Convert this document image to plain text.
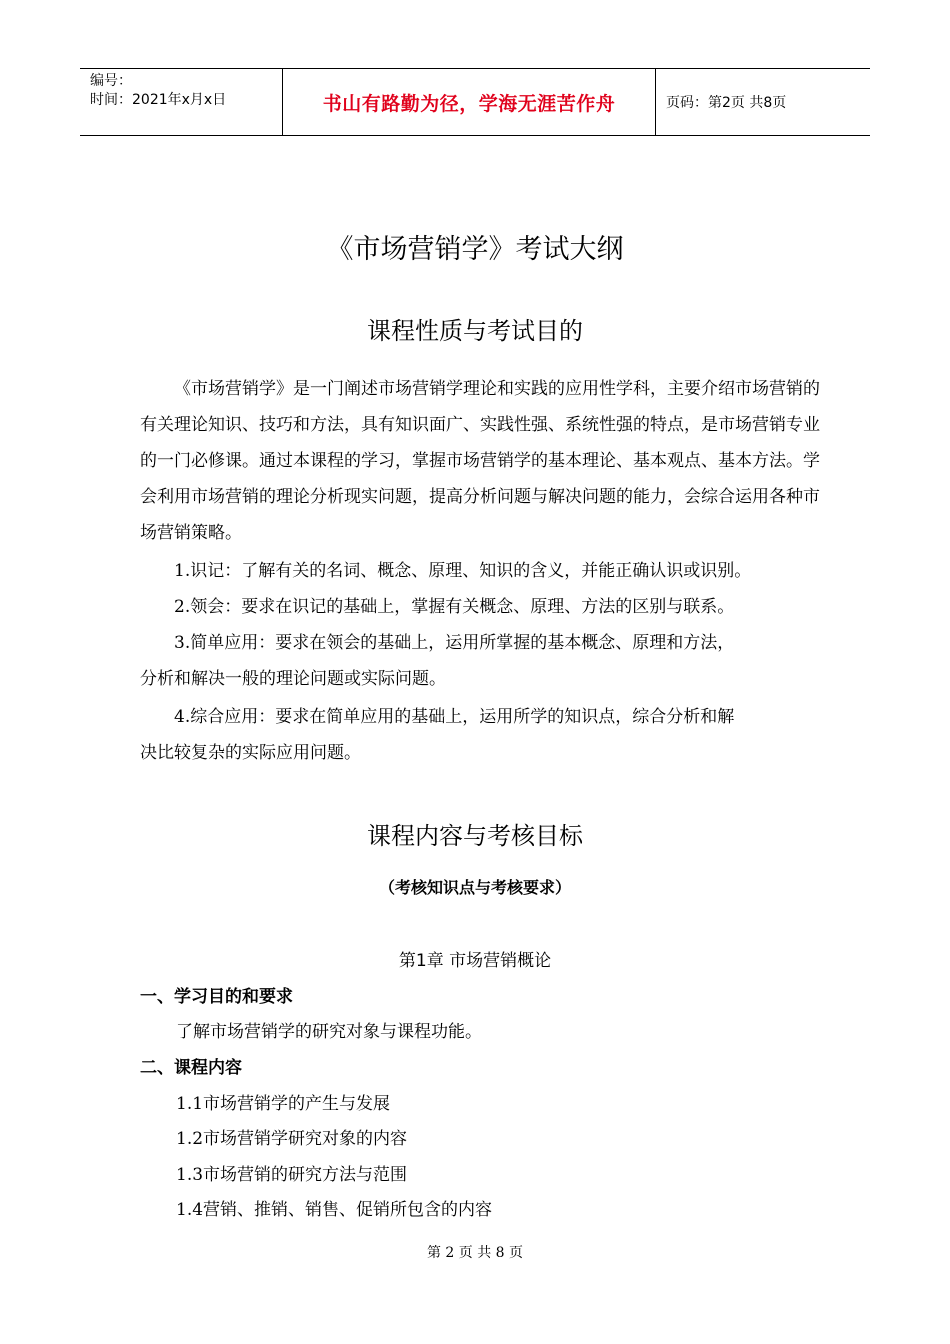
编号：
时间：2021年x月x日	书山有路勤为径，学海无涯苦作舟	页码：第2页 共8页
《市场营销学》考试大纲
课程性质与考试目的
《市场营销学》是一门阐述市场营销学理论和实践的应用性学科，主要介绍市场营销的有关理论知识、技巧和方法，具有知识面广、实践性强、系统性强的特点，是市场营销专业的一门必修课。通过本课程的学习，掌握市场营销学的基本理论、基本观点、基本方法。学会利用市场营销的理论分析现实问题，提高分析问题与解决问题的能力，会综合运用各种市场营销策略。
1.识记：了解有关的名词、概念、原理、知识的含义，并能正确认识或识别。
2.领会：要求在识记的基础上，掌握有关概念、原理、方法的区别与联系。
3.简单应用：要求在领会的基础上，运用所掌握的基本概念、原理和方法，
分析和解决一般的理论问题或实际问题。
4.综合应用：要求在简单应用的基础上，运用所学的知识点，综合分析和解
决比较复杂的实际应用问题。
课程内容与考核目标
（考核知识点与考核要求）
第1章 市场营销概论
一、学习目的和要求
了解市场营销学的研究对象与课程功能。
二、课程内容
1.1市场营销学的产生与发展
1.2市场营销学研究对象的内容
1.3市场营销的研究方法与范围
1.4营销、推销、销售、促销所包含的内容
第 2 页 共 8 页
